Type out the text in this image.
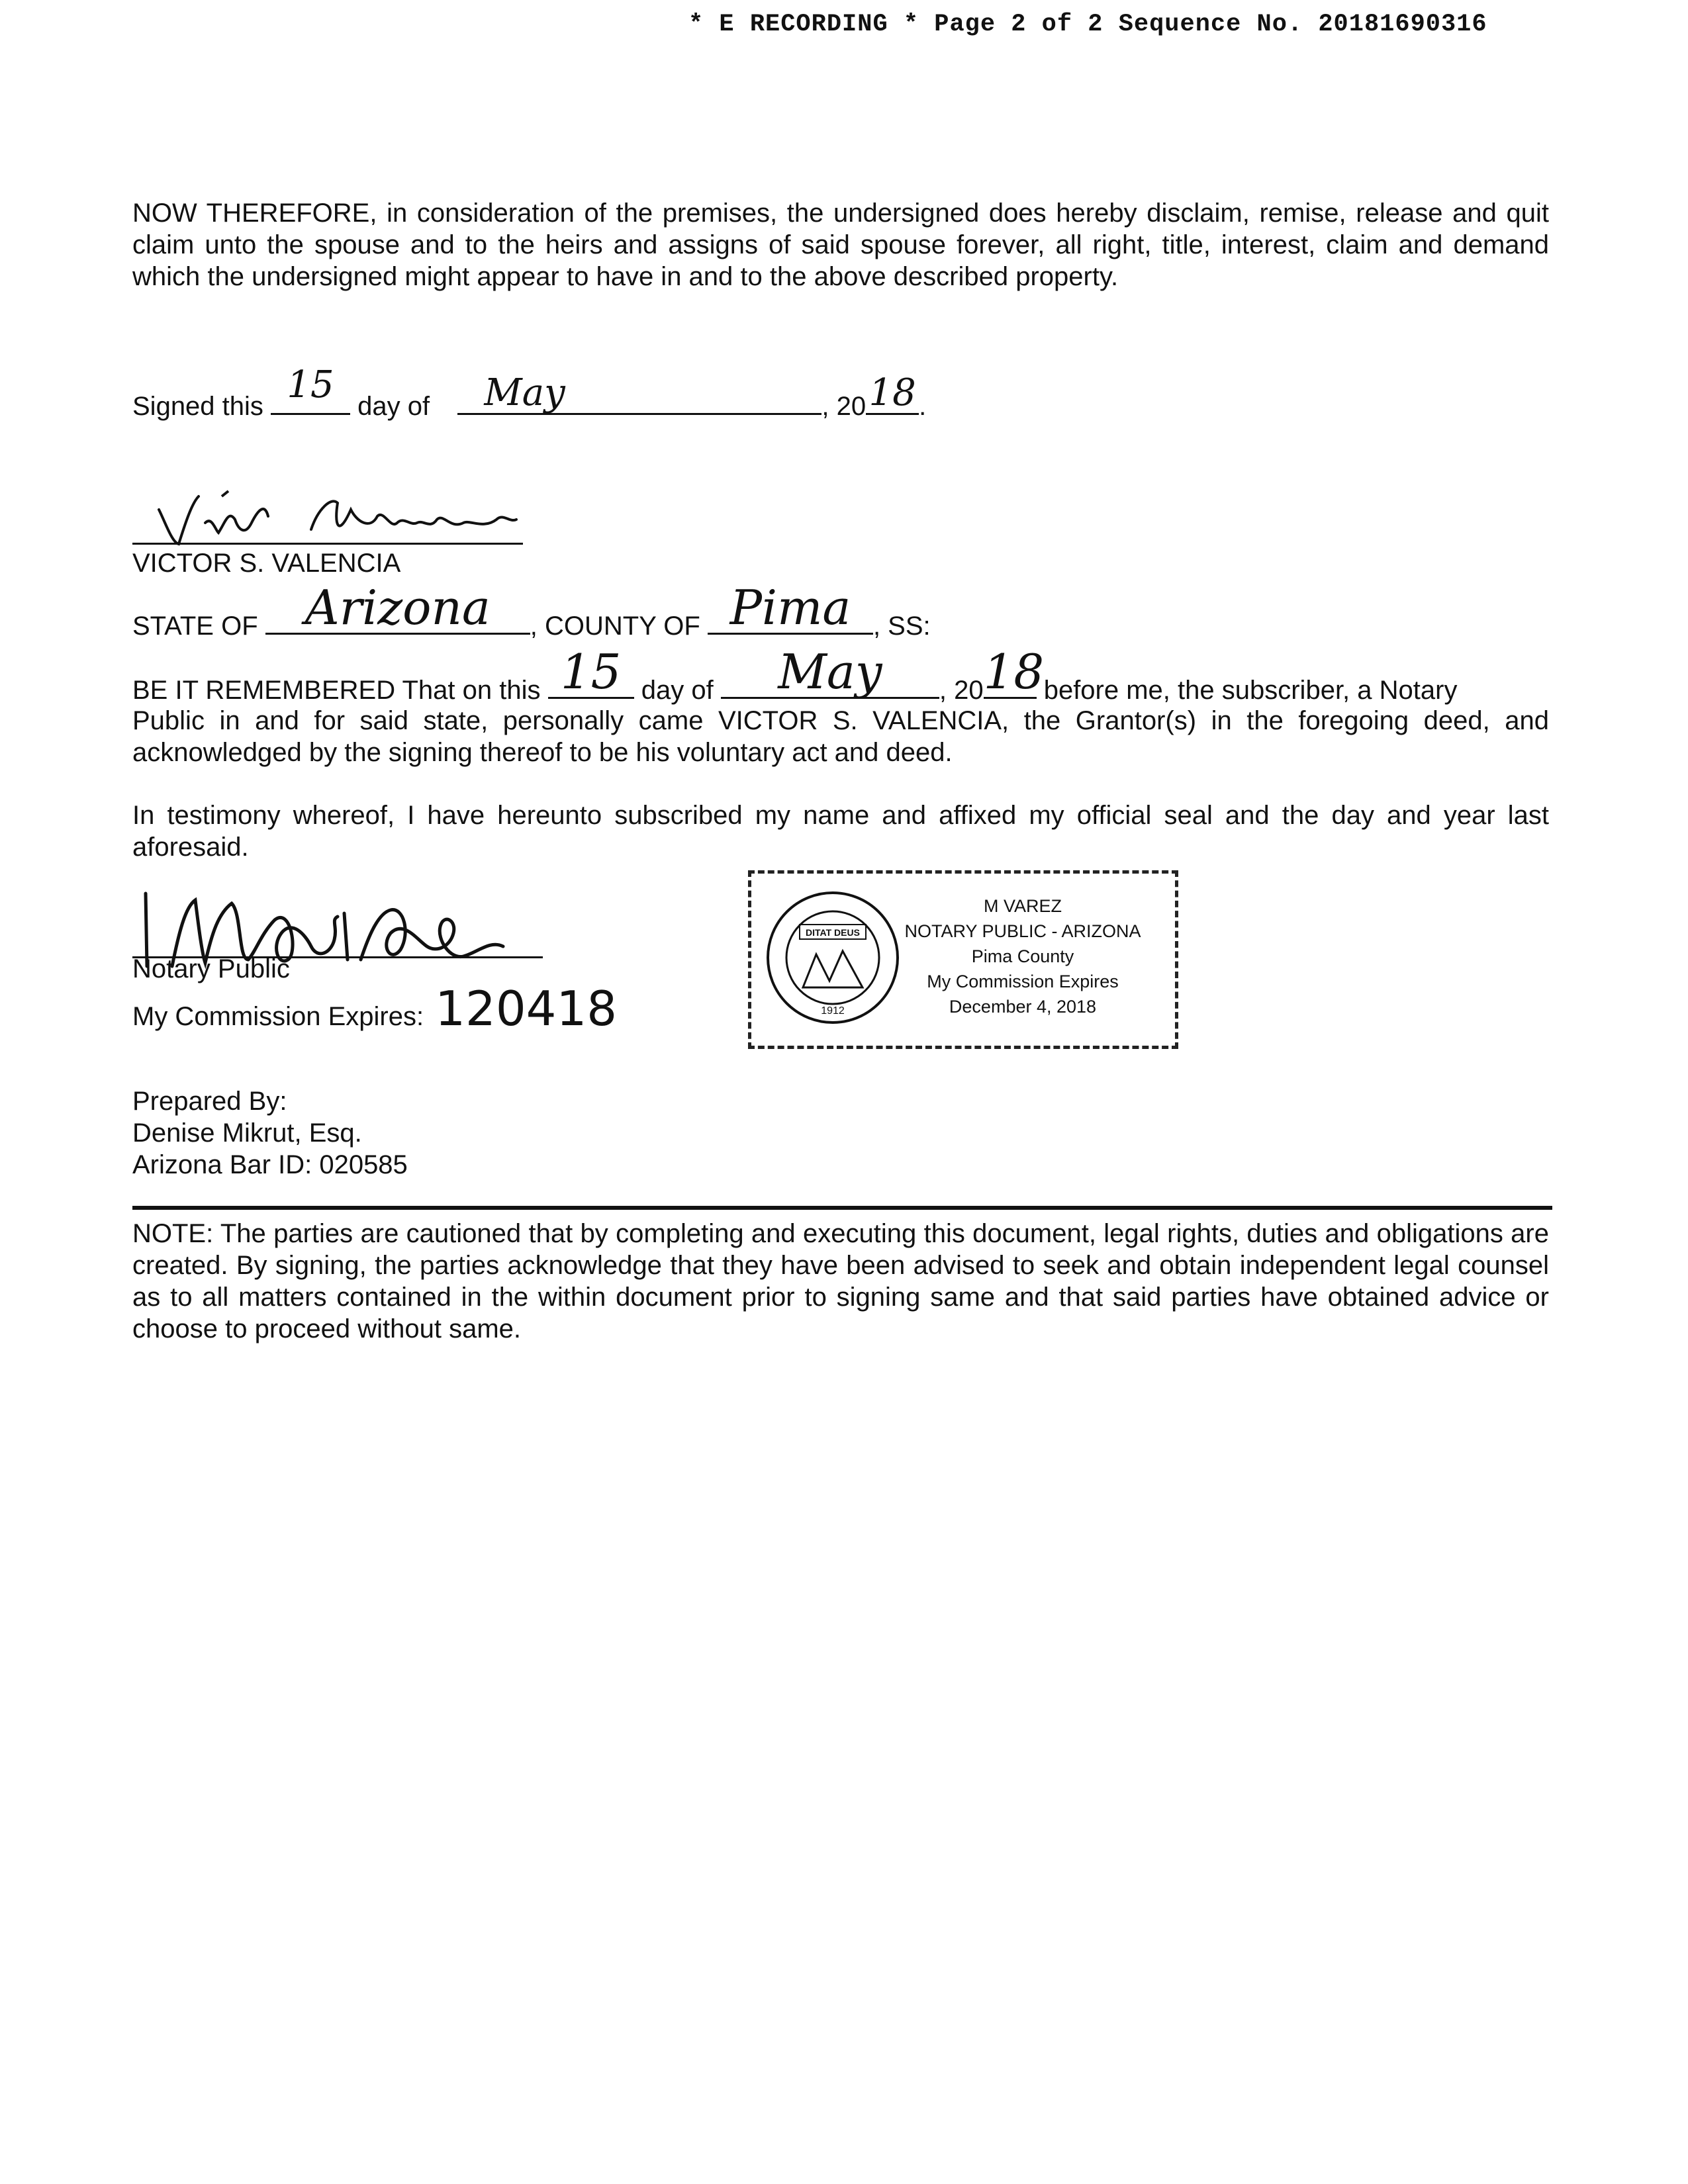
* E RECORDING * Page 2 of 2 Sequence No. 20181690316
NOW THEREFORE, in consideration of the premises, the undersigned does hereby disclaim, remise, release and quit claim unto the spouse and to the heirs and assigns of said spouse forever, all right, title, interest, claim and demand which the undersigned might appear to have in and to the above described property.
Signed this 15 day of May	, 20 18 .
VICTOR S. VALENCIA
STATE OF Arizona	, COUNTY OF Pima , SS:
BE IT REMEMBERED That on this 15 day of	May	, 20 18 before me, the subscriber, a Notary
Public in and for said state, personally came VICTOR S. VALENCIA, the Grantor(s) in the foregoing deed, and acknowledged by the signing thereof to be his voluntary act and deed.
In testimony whereof, I have hereunto subscribed my name and affixed my official seal and the day and year last aforesaid.
Notary Public
My Commission Expires: 120418
DITAT DEUS
1912
M VAREZ
NOTARY PUBLIC - ARIZONA
Pima County
My Commission Expires
December 4, 2018
Prepared By:
Denise Mikrut, Esq.
Arizona Bar ID: 020585
NOTE: The parties are cautioned that by completing and executing this document, legal rights, duties and obligations are created. By signing, the parties acknowledge that they have been advised to seek and obtain independent legal counsel as to all matters contained in the within document prior to signing same and that said parties have obtained advice or choose to proceed without same.
